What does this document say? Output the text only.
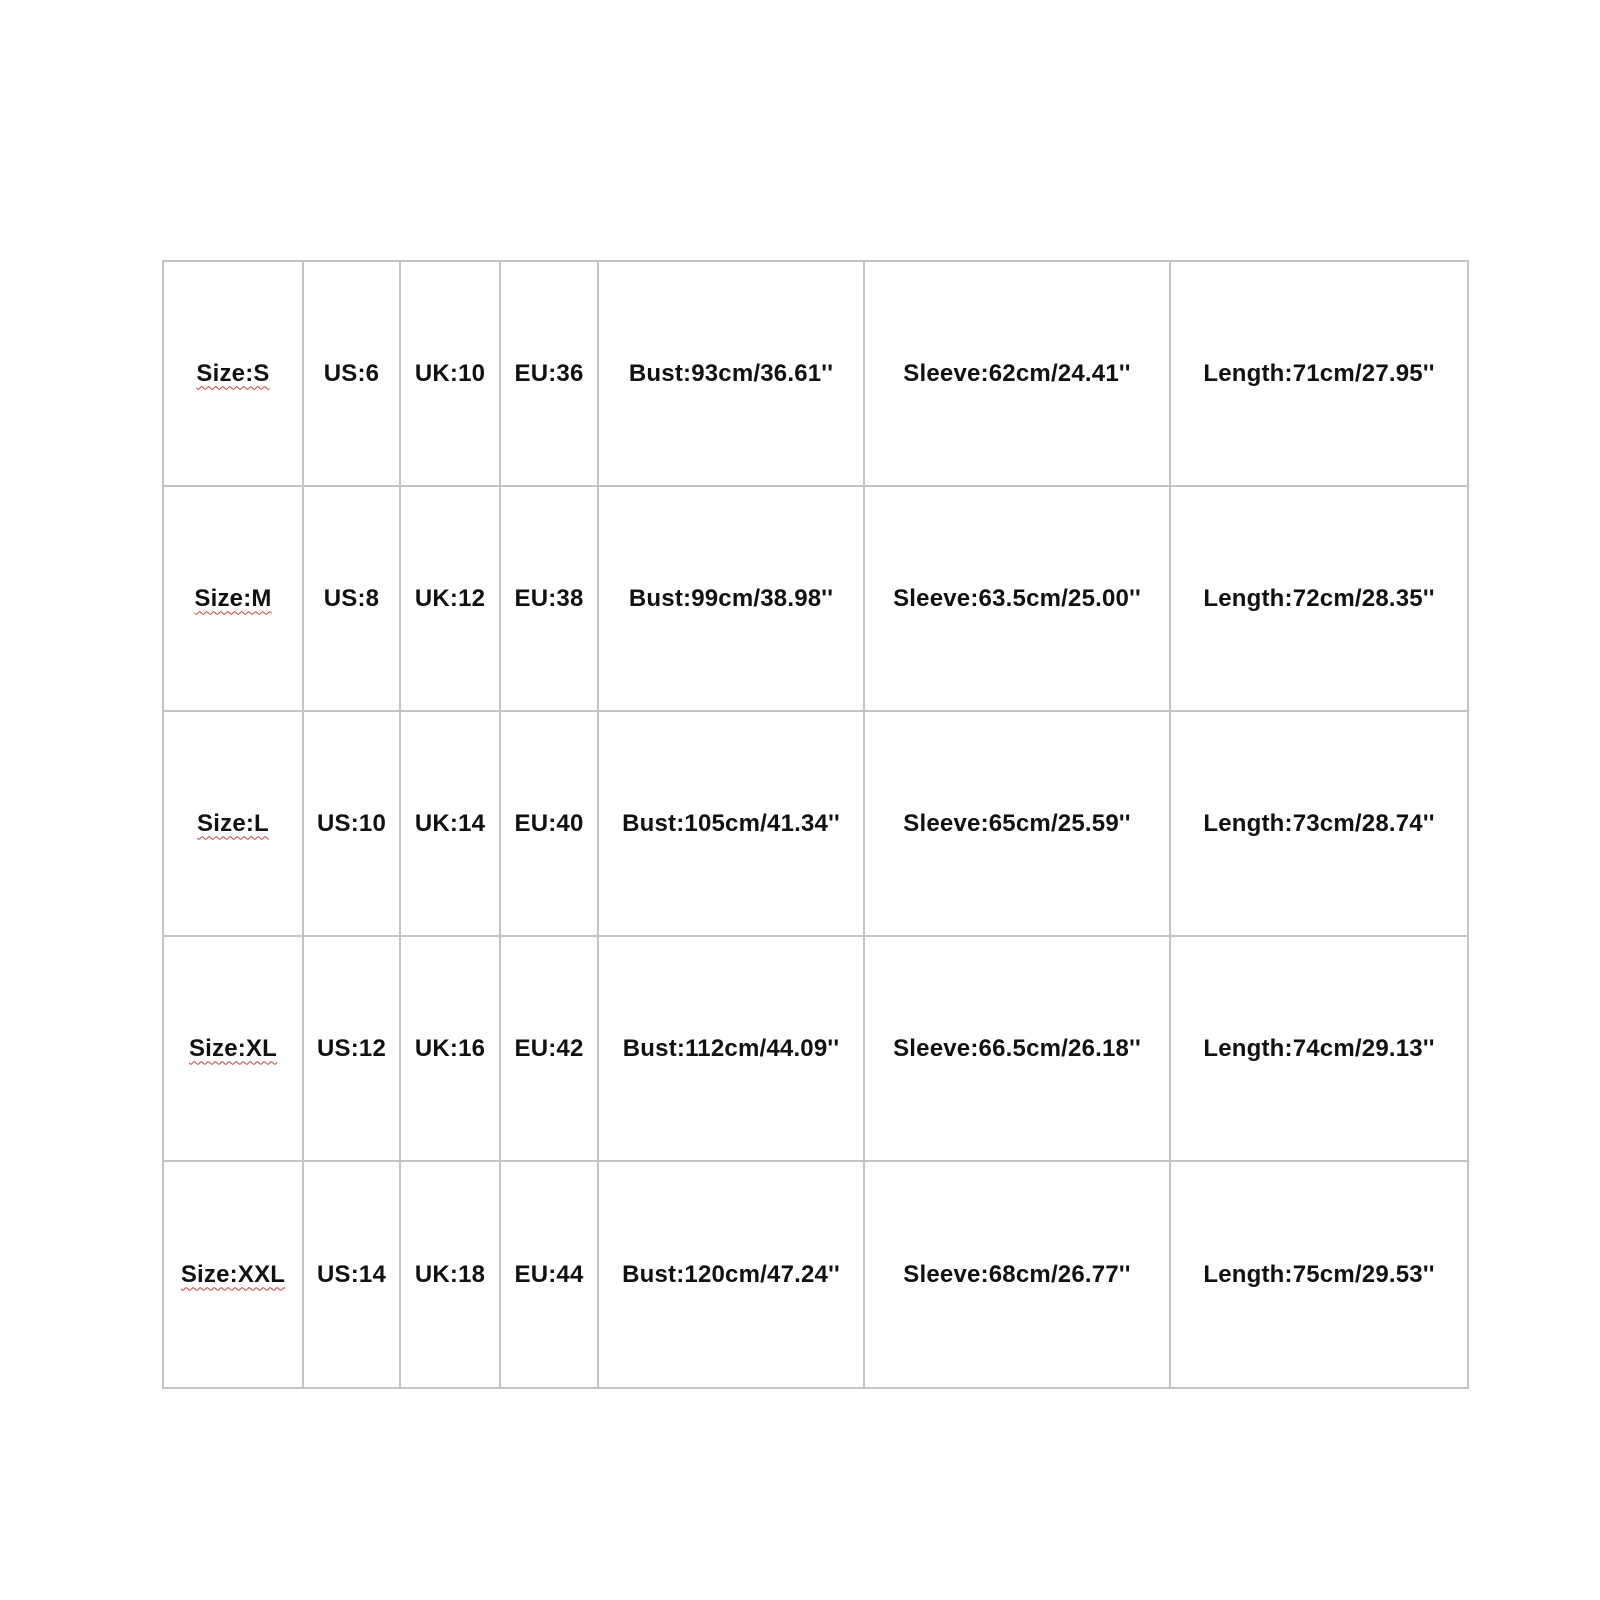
Size:S	US:6	UK:10	EU:36	Bust:93cm/36.61''	Sleeve:62cm/24.41''	Length:71cm/27.95''
Size:M	US:8	UK:12	EU:38	Bust:99cm/38.98''	Sleeve:63.5cm/25.00''	Length:72cm/28.35''
Size:L	US:10	UK:14	EU:40	Bust:105cm/41.34''	Sleeve:65cm/25.59''	Length:73cm/28.74''
Size:XL	US:12	UK:16	EU:42	Bust:112cm/44.09''	Sleeve:66.5cm/26.18''	Length:74cm/29.13''
Size:XXL	US:14	UK:18	EU:44	Bust:120cm/47.24''	Sleeve:68cm/26.77''	Length:75cm/29.53''
